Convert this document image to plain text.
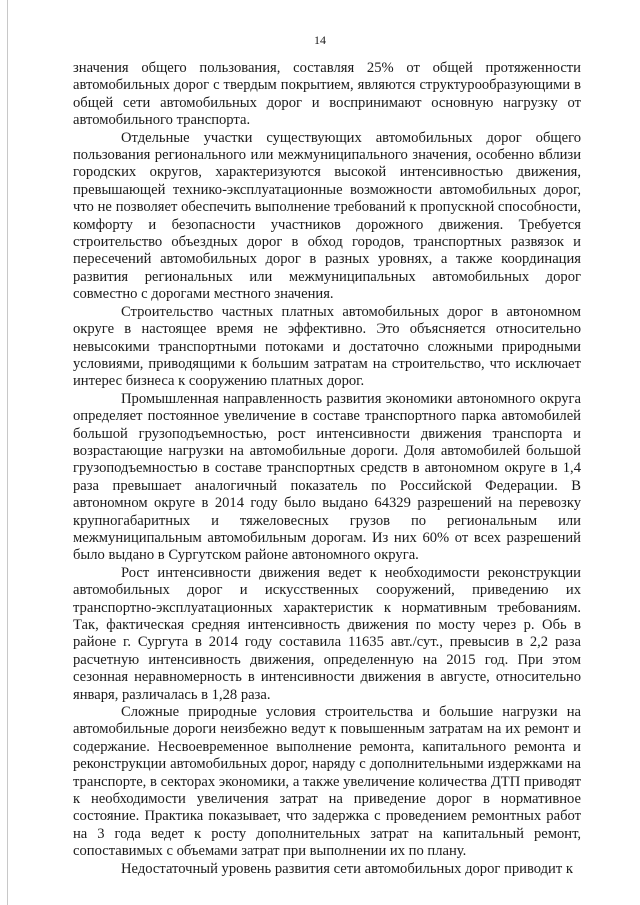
14

значения общего пользования, составляя 25% от общей протяженности автомобильных дорог с твердым покрытием, являются структурообразующими в общей сети автомобильных дорог и воспринимают основную нагрузку от автомобильного транспорта.

Отдельные участки существующих автомобильных дорог общего пользования регионального или межмуниципального значения, особенно вблизи городских округов, характеризуются высокой интенсивностью движения, превышающей технико-эксплуатационные возможности автомобильных дорог, что не позволяет обеспечить выполнение требований к пропускной способности, комфорту и безопасности участников дорожного движения. Требуется строительство объездных дорог в обход городов, транспортных развязок и пересечений автомобильных дорог в разных уровнях, а также координация развития региональных или межмуниципальных автомобильных дорог совместно с дорогами местного значения.

Строительство частных платных автомобильных дорог в автономном округе в настоящее время не эффективно. Это объясняется относительно невысокими транспортными потоками и достаточно сложными природными условиями, приводящими к большим затратам на строительство, что исключает интерес бизнеса к сооружению платных дорог.

Промышленная направленность развития экономики автономного округа определяет постоянное увеличение в составе транспортного парка автомобилей большой грузоподъемностью, рост интенсивности движения транспорта и возрастающие нагрузки на автомобильные дороги. Доля автомобилей большой грузоподъемностью в составе транспортных средств в автономном округе в 1,4 раза превышает аналогичный показатель по Российской Федерации. В автономном округе в 2014 году было выдано 64329 разрешений на перевозку крупногабаритных и тяжеловесных грузов по региональным или межмуниципальным автомобильным дорогам. Из них 60% от всех разрешений было выдано в Сургутском районе автономного округа.

Рост интенсивности движения ведет к необходимости реконструкции автомобильных дорог и искусственных сооружений, приведению их транспортно-эксплуатационных характеристик к нормативным требованиям. Так, фактическая средняя интенсивность движения по мосту через р. Обь в районе г. Сургута в 2014 году составила 11635 авт./сут., превысив в 2,2 раза расчетную интенсивность движения, определенную на 2015 год. При этом сезонная неравномерность в интенсивности движения в августе, относительно января, различалась в 1,28 раза.

Сложные природные условия строительства и большие нагрузки на автомобильные дороги неизбежно ведут к повышенным затратам на их ремонт и содержание. Несвоевременное выполнение ремонта, капитального ремонта и реконструкции автомобильных дорог, наряду с дополнительными издержками на транспорте, в секторах экономики, а также увеличение количества ДТП приводят к необходимости увеличения затрат на приведение дорог в нормативное состояние. Практика показывает, что задержка с проведением ремонтных работ на 3 года ведет к росту дополнительных затрат на капитальный ремонт, сопоставимых с объемами затрат при выполнении их по плану.

Недостаточный уровень развития сети автомобильных дорог приводит к
